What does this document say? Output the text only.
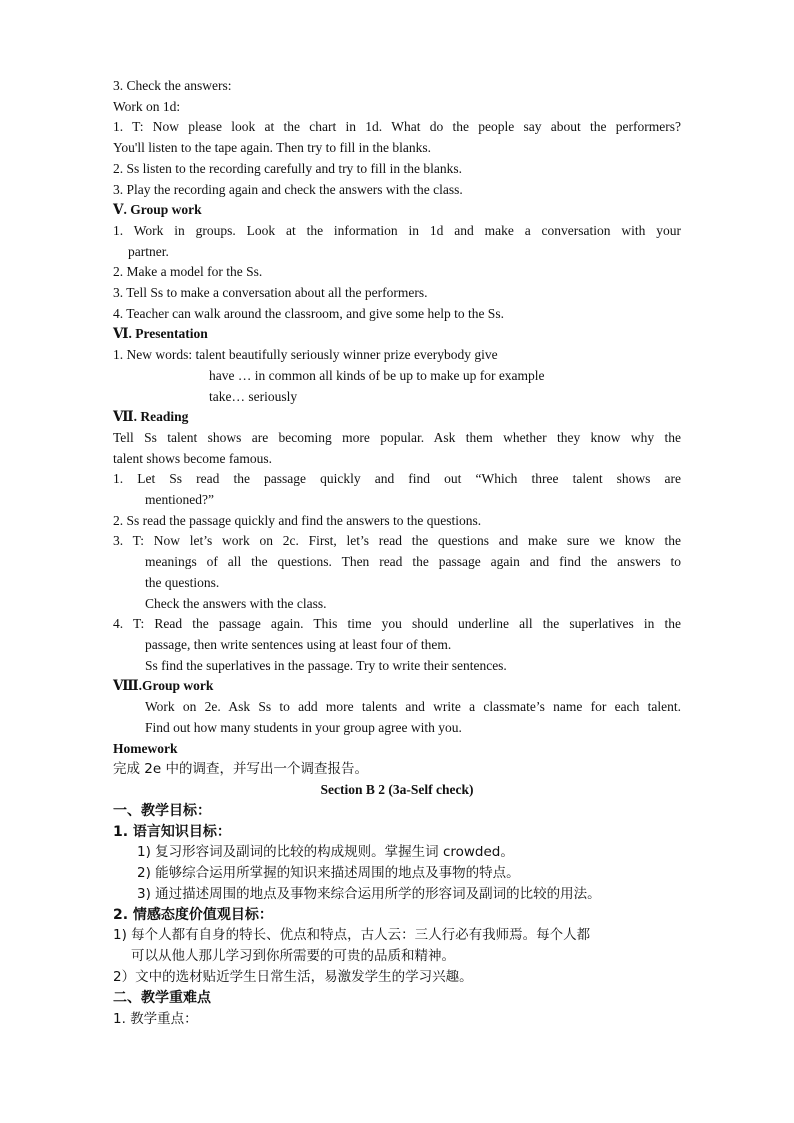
3. Check the answers:
Work on 1d:
1. T: Now please look at the chart in 1d. What do the people say about the performers?
You'll listen to the tape again. Then try to fill in the blanks.
2. Ss listen to the recording carefully and try to fill in the blanks.
3. Play the recording again and check the answers with the class.
Ⅴ. Group work
1. Work in groups. Look at the information in 1d and make a conversation with your
partner.
2. Make a model for the Ss.
3. Tell Ss to make a conversation about all the performers.
4. Teacher can walk around the classroom, and give some help to the Ss.
Ⅵ. Presentation
1. New words: talent beautifully seriously winner prize everybody give
have … in common all kinds of be up to make up for example
take… seriously
Ⅶ. Reading
Tell Ss talent shows are becoming more popular. Ask them whether they know why the
talent shows become famous.
1. Let Ss read the passage quickly and find out “Which three talent shows are
mentioned?”
2. Ss read the passage quickly and find the answers to the questions.
3. T: Now let’s work on 2c. First, let’s read the questions and make sure we know the
meanings of all the questions. Then read the passage again and find the answers to
the questions.
Check the answers with the class.
4. T: Read the passage again. This time you should underline all the superlatives in the
passage, then write sentences using at least four of them.
Ss find the superlatives in the passage. Try to write their sentences.
Ⅷ.Group work
Work on 2e. Ask Ss to add more talents and write a classmate’s name for each talent.
Find out how many students in your group agree with you.
Homework
完成 2e 中的调查，并写出一个调查报告。
Section B 2 (3a-Self check)
一、教学目标：
1. 语言知识目标：
1) 复习形容词及副词的比较的构成规则。掌握生词 crowded。
2) 能够综合运用所掌握的知识来描述周围的地点及事物的特点。
3) 通过描述周围的地点及事物来综合运用所学的形容词及副词的比较的用法。
2. 情感态度价值观目标：
1) 每个人都有自身的特长、优点和特点，古人云：三人行必有我师焉。每个人都
可以从他人那儿学习到你所需要的可贵的品质和精神。
2）文中的选材贴近学生日常生活，易激发学生的学习兴趣。
二、教学重难点
1. 教学重点：
